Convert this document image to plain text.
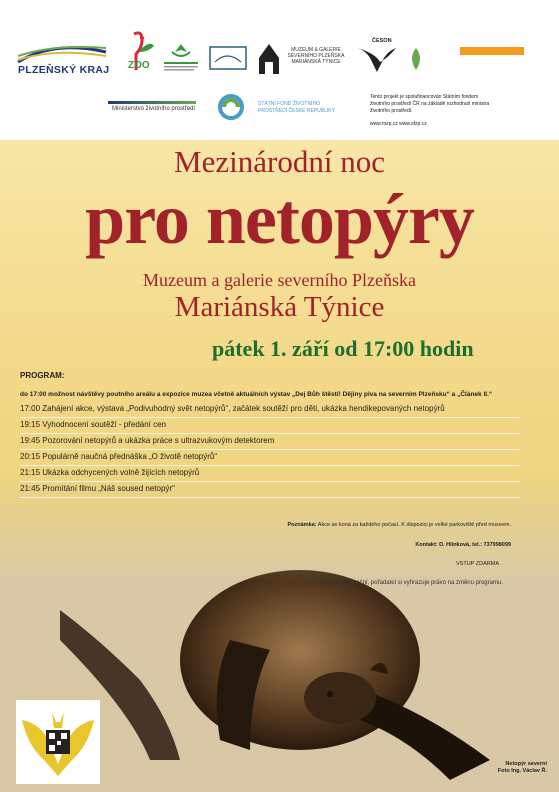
PLZEŇSKÝ KRAJ ZOO
MUZEUM & GALERIE SEVERNÍHO PLZEŇSKA MARIÁNSKÁ TÝNICE
ČESON
Ministerstvo životního prostředí
STÁTNÍ FOND ŽIVOTNÍHO PROSTŘEDÍ ČESKÉ REPUBLIKY
Tento projekt je spolufinancován Státním fondem životního prostředí ČR na základě rozhodnutí ministra životního prostředí.
www.mzp.cz www.sfzp.cz
Mezinárodní noc
pro netopýry
Muzeum a galerie severního Plzeňska
Mariánská Týnice
pátek 1. září od 17:00 hodin
PROGRAM:
do 17:00 možnost návštěvy poutního areálu a expozice muzea včetně aktuálních výstav „Dej Bůh štěstí! Dějiny piva na severním Plzeňsku“ a „Článek II.“
17:00 Zahájení akce, výstava „Podivuhodný svět netopýrů“, začátek soutěží pro děti, ukázka hendikepovaných netopýrů
19:15 Vyhodnocení soutěží - předání cen
19:45 Pozorování netopýrů a ukázka práce s ultrazvukovým detektorem
20:15 Populárně naučná přednáška „O životě netopýrů“
21:15 Ukázka odchycených volně žijících netopýrů
21:45 Promítání filmu „Náš soused netopýr“
Poznámka: Akce se koná za každého počasí. K dispozici je velké parkoviště před muzeem.
Kontakt: D. Hlínková, tel.: 737998099
VSTUP ZDARMA
* Časy jsou orientační, pořadatel si vyhrazuje právo na změnu programu.
Netopýr severní
Foto Ing. Václav Ř.
